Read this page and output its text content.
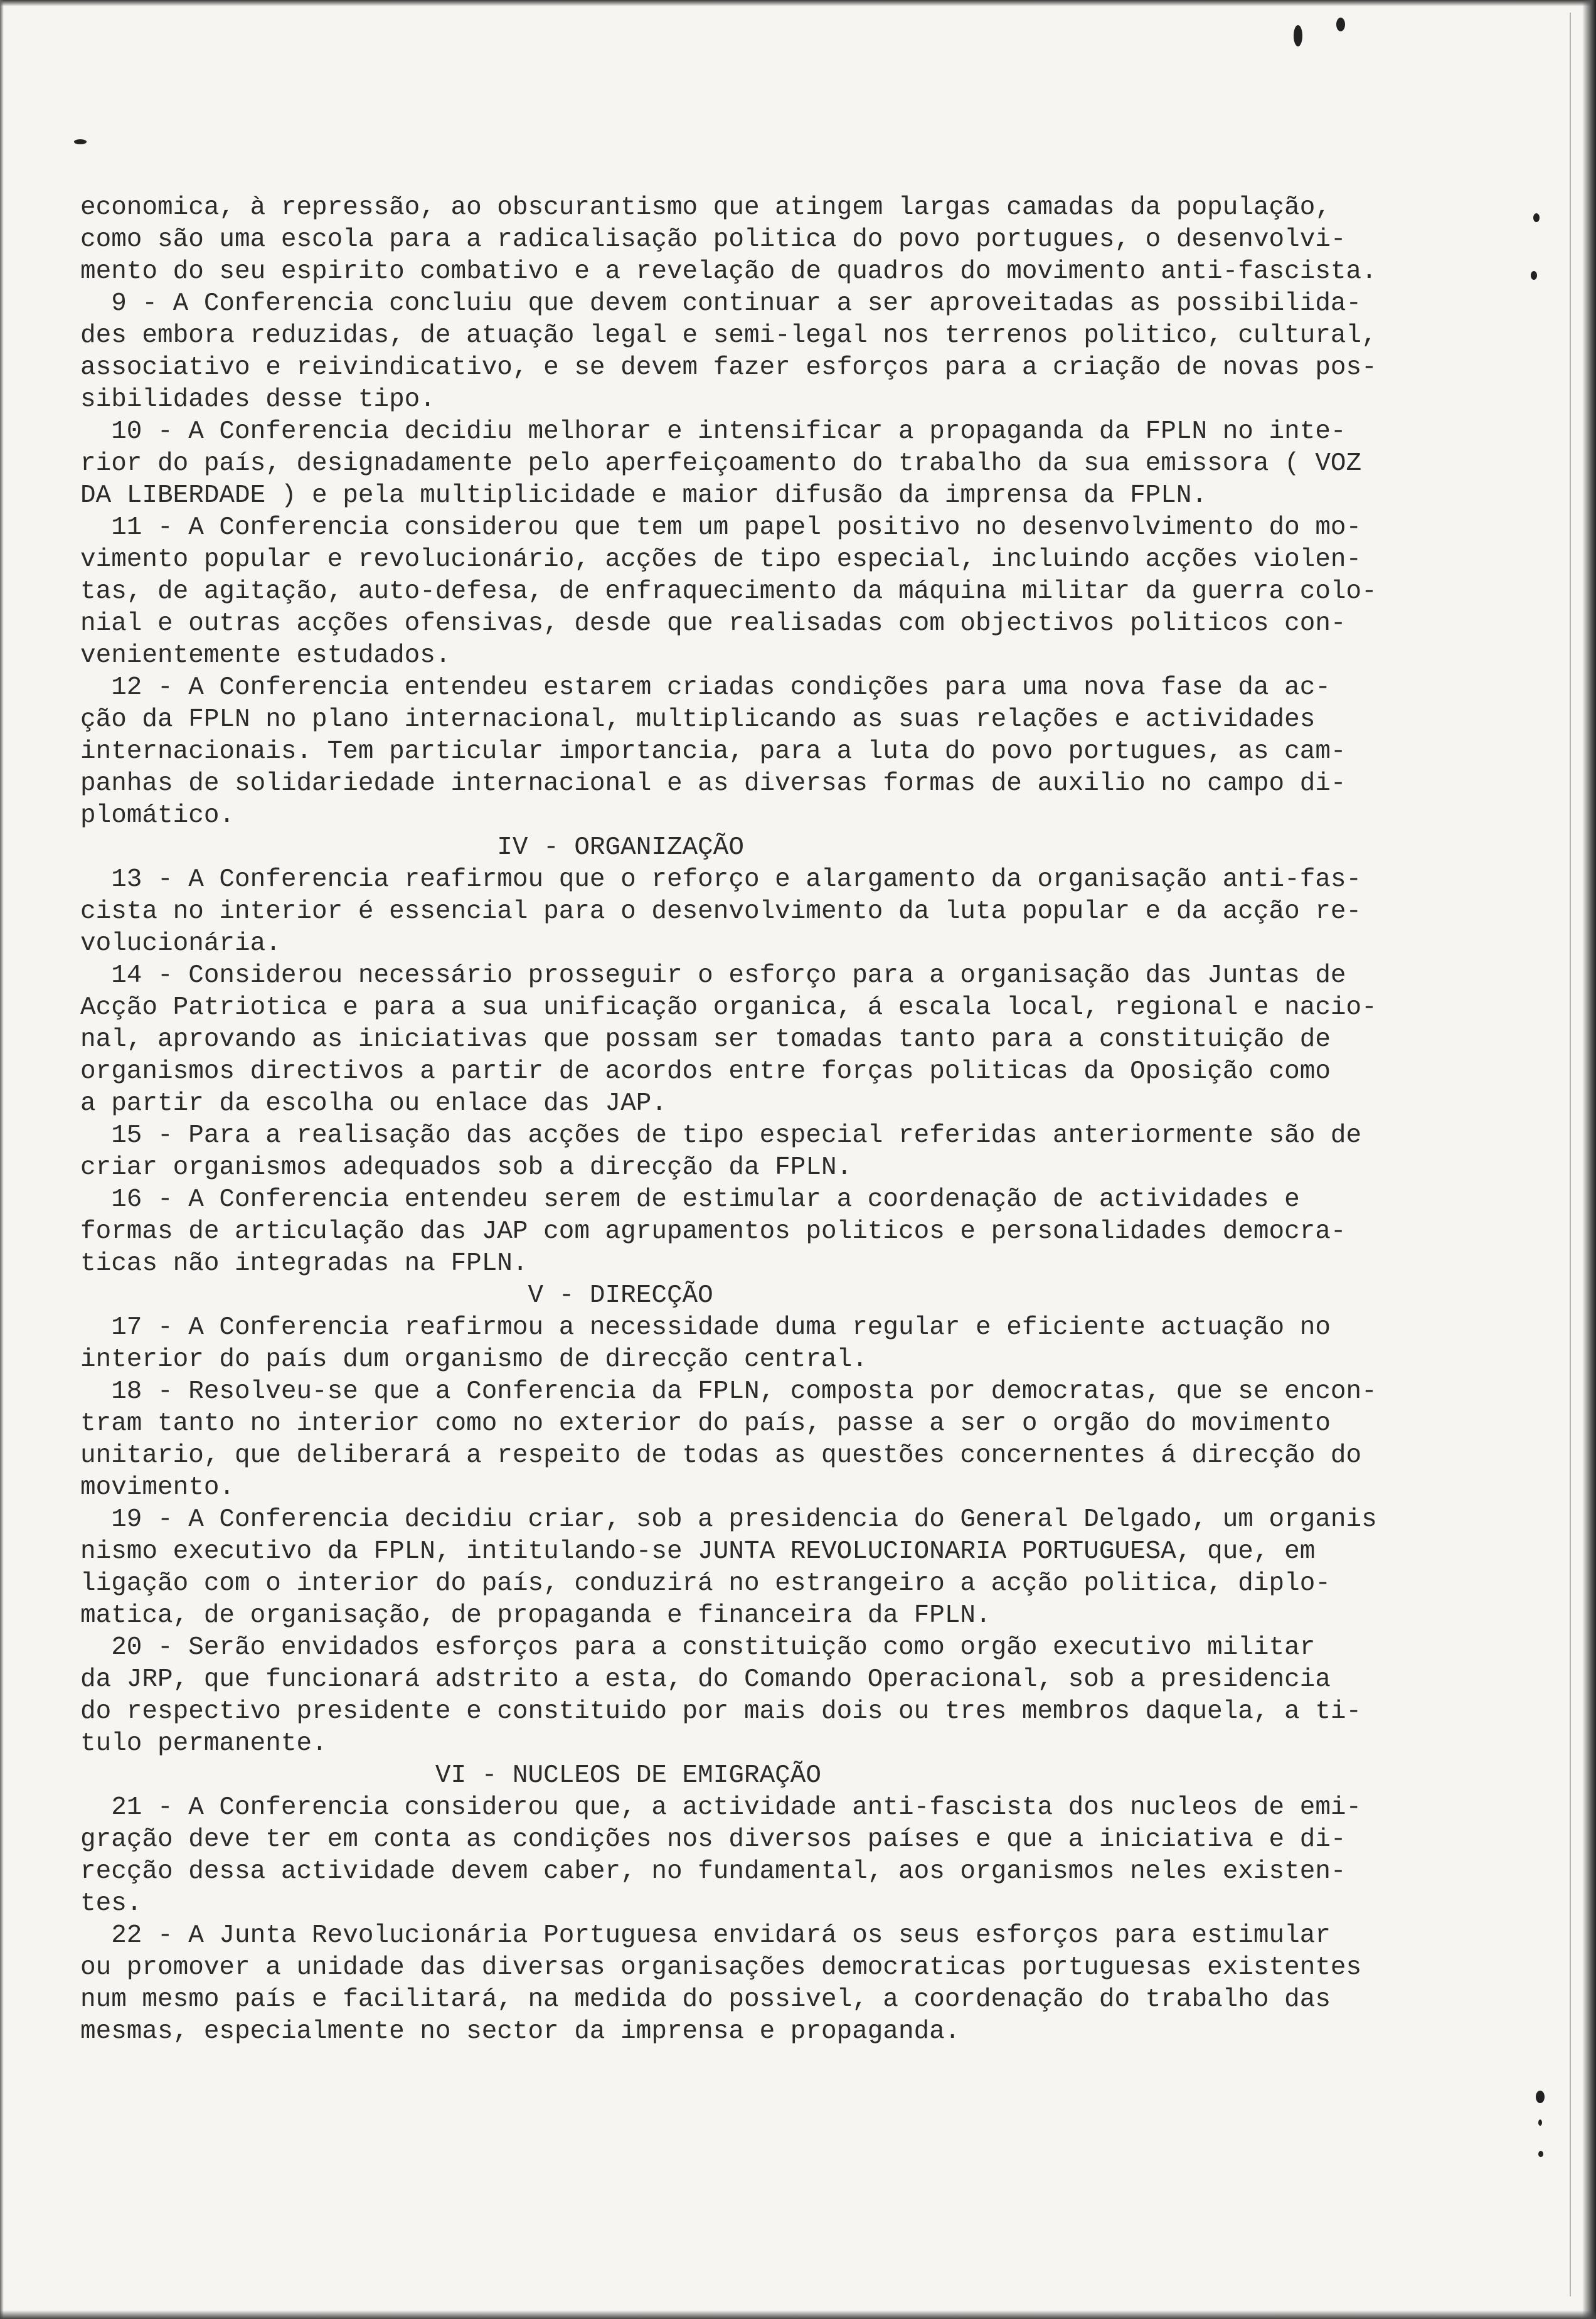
economica, à repressão, ao obscurantismo que atingem largas camadas da população,
como são uma escola para a radicalisação politica do povo portugues, o desenvolvi-
mento do seu espirito combativo e a revelação de quadros do movimento anti-fascista.
9 - A Conferencia concluiu que devem continuar a ser aproveitadas as possibilida-
des embora reduzidas, de atuação legal e semi-legal nos terrenos politico, cultural,
associativo e reivindicativo, e se devem fazer esforços para a criação de novas pos-
sibilidades desse tipo.
10 - A Conferencia decidiu melhorar e intensificar a propaganda da FPLN no inte-
rior do país, designadamente pelo aperfeiçoamento do trabalho da sua emissora ( VOZ
DA LIBERDADE ) e pela multiplicidade e maior difusão da imprensa da FPLN.
11 - A Conferencia considerou que tem um papel positivo no desenvolvimento do mo-
vimento popular e revolucionário, acções de tipo especial, incluindo acções violen-
tas, de agitação, auto-defesa, de enfraquecimento da máquina militar da guerra colo-
nial e outras acções ofensivas, desde que realisadas com objectivos politicos con-
venientemente estudados.
12 - A Conferencia entendeu estarem criadas condições para uma nova fase da ac-
ção da FPLN no plano internacional, multiplicando as suas relações e actividades
internacionais. Tem particular importancia, para a luta do povo portugues, as cam-
panhas de solidariedade internacional e as diversas formas de auxilio no campo di-
plomático.
IV - ORGANIZAÇÃO
13 - A Conferencia reafirmou que o reforço e alargamento da organisação anti-fas-
cista no interior é essencial para o desenvolvimento da luta popular e da acção re-
volucionária.
14 - Considerou necessário prosseguir o esforço para a organisação das Juntas de
Acção Patriotica e para a sua unificação organica, á escala local, regional e nacio-
nal, aprovando as iniciativas que possam ser tomadas tanto para a constituição de
organismos directivos a partir de acordos entre forças politicas da Oposição como
a partir da escolha ou enlace das JAP.
15 - Para a realisação das acções de tipo especial referidas anteriormente são de
criar organismos adequados sob a direcção da FPLN.
16 - A Conferencia entendeu serem de estimular a coordenação de actividades e
formas de articulação das JAP com agrupamentos politicos e personalidades democra-
ticas não integradas na FPLN.
V - DIRECÇÃO
17 - A Conferencia reafirmou a necessidade duma regular e eficiente actuação no
interior do país dum organismo de direcção central.
18 - Resolveu-se que a Conferencia da FPLN, composta por democratas, que se encon-
tram tanto no interior como no exterior do país, passe a ser o orgão do movimento
unitario, que deliberará a respeito de todas as questões concernentes á direcção do
movimento.
19 - A Conferencia decidiu criar, sob a presidencia do General Delgado, um organis
nismo executivo da FPLN, intitulando-se JUNTA REVOLUCIONARIA PORTUGUESA, que, em
ligação com o interior do país, conduzirá no estrangeiro a acção politica, diplo-
matica, de organisação, de propaganda e financeira da FPLN.
20 - Serão envidados esforços para a constituição como orgão executivo militar
da JRP, que funcionará adstrito a esta, do Comando Operacional, sob a presidencia
do respectivo presidente e constituido por mais dois ou tres membros daquela, a ti-
tulo permanente.
VI - NUCLEOS DE EMIGRAÇÃO
21 - A Conferencia considerou que, a actividade anti-fascista dos nucleos de emi-
gração deve ter em conta as condições nos diversos países e que a iniciativa e di-
recção dessa actividade devem caber, no fundamental, aos organismos neles existen-
tes.
22 - A Junta Revolucionária Portuguesa envidará os seus esforços para estimular
ou promover a unidade das diversas organisações democraticas portuguesas existentes
num mesmo país e facilitará, na medida do possivel, a coordenação do trabalho das
mesmas, especialmente no sector da imprensa e propaganda.
